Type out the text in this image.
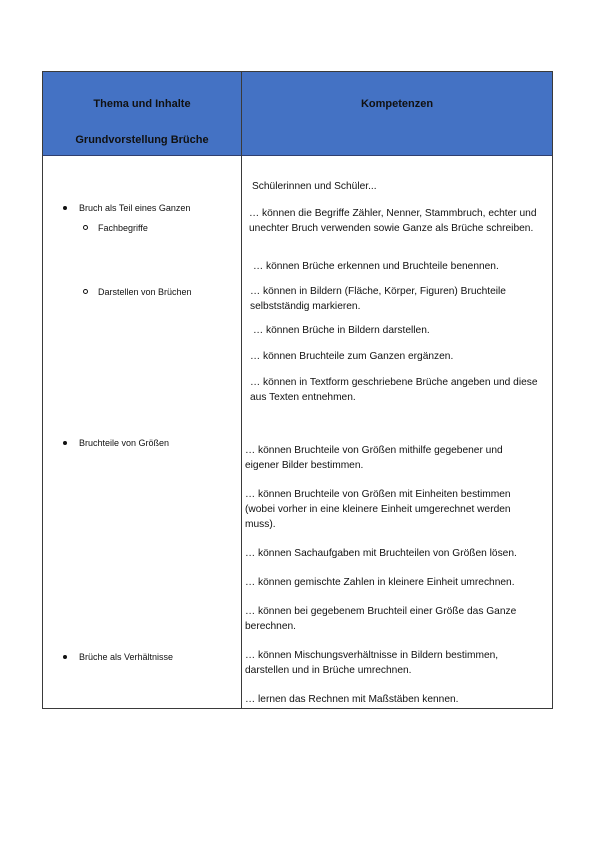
Thema und Inhalte
Grundvorstellung Brüche
Kompetenzen
Bruch als Teil eines Ganzen
Fachbegriffe
Darstellen von Brüchen
Bruchteile von Größen
Brüche als Verhältnisse
Schülerinnen und Schüler...
… können die Begriffe Zähler, Nenner, Stammbruch, echter und unechter Bruch verwenden sowie Ganze als Brüche schreiben.
… können Brüche erkennen und Bruchteile benennen.
… können in Bildern (Fläche, Körper, Figuren) Bruchteile selbstständig markieren.
… können Brüche in Bildern darstellen.
… können Bruchteile zum Ganzen ergänzen.
… können in Textform geschriebene Brüche angeben und diese aus Texten entnehmen.
… können Bruchteile von Größen mithilfe gegebener und eigener Bilder bestimmen.
… können Bruchteile von Größen mit Einheiten bestimmen (wobei vorher in eine kleinere Einheit umgerechnet werden muss).
… können Sachaufgaben mit Bruchteilen von Größen lösen.
… können gemischte Zahlen in kleinere Einheit umrechnen.
… können bei gegebenem Bruchteil einer Größe das Ganze berechnen.
… können Mischungsverhältnisse in Bildern bestimmen, darstellen und in Brüche umrechnen.
… lernen das Rechnen mit Maßstäben kennen.
